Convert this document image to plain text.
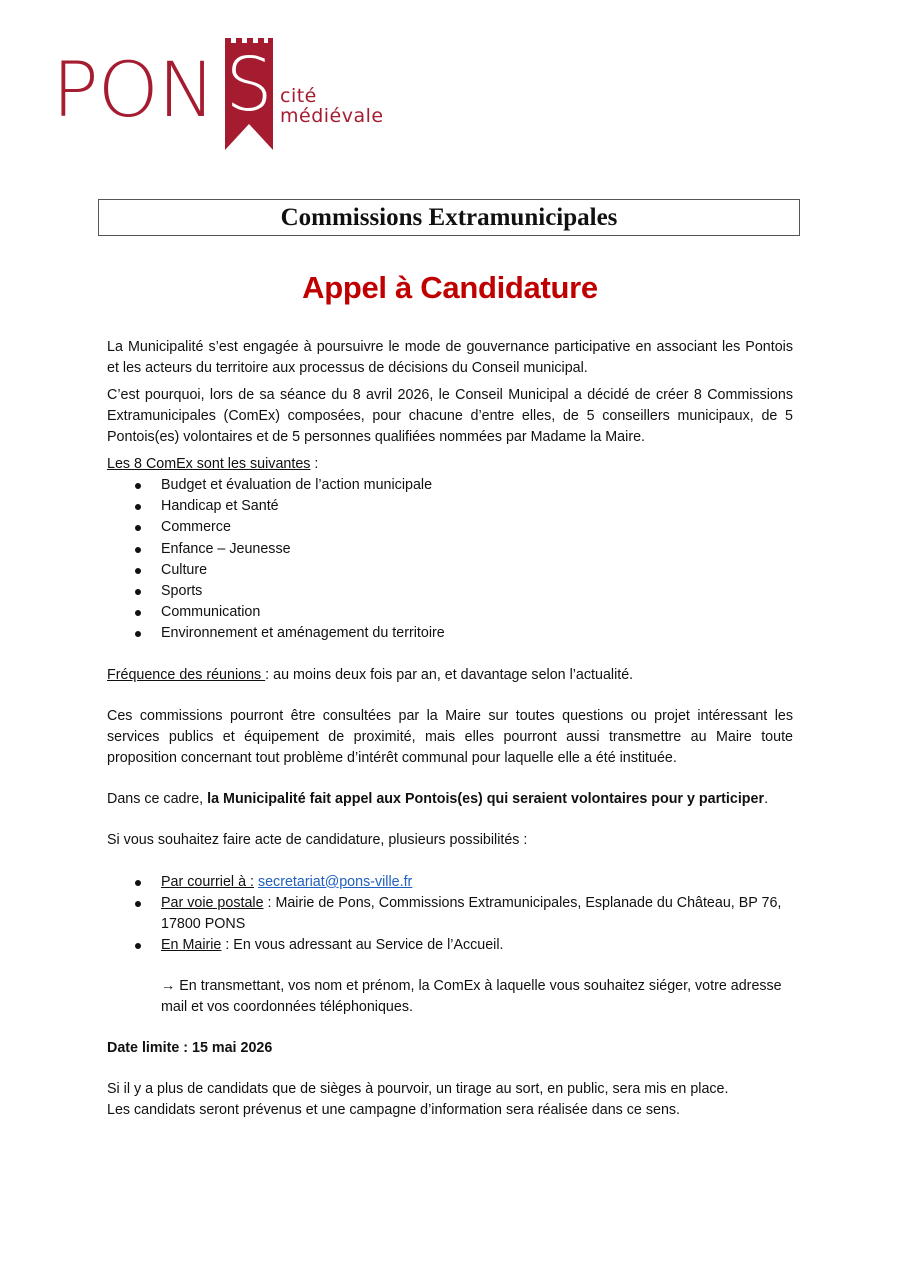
PON S cité
médiévale
Commissions Extramunicipales
Appel à Candidature

La Municipalité s’est engagée à poursuivre le mode de gouvernance participative en associant les Pontois et les acteurs du territoire aux processus de décisions du Conseil municipal.

C’est pourquoi, lors de sa séance du 8 avril 2026, le Conseil Municipal a décidé de créer 8 Commissions Extramunicipales (ComEx) composées, pour chacune d’entre elles, de 5 conseillers municipaux, de 5 Pontois(es) volontaires et de 5 personnes qualifiées nommées par Madame la Maire.

Les 8 ComEx sont les suivantes :

Budget et évaluation de l’action municipale
Handicap et Santé
Commerce
Enfance – Jeunesse
Culture
Sports
Communication
Environnement et aménagement du territoire

Fréquence des réunions : au moins deux fois par an, et davantage selon l’actualité.

Ces commissions pourront être consultées par la Maire sur toutes questions ou projet intéressant les services publics et équipement de proximité, mais elles pourront aussi transmettre au Maire toute proposition concernant tout problème d’intérêt communal pour laquelle elle a été instituée.

Dans ce cadre, la Municipalité fait appel aux Pontois(es) qui seraient volontaires pour y participer.

Si vous souhaitez faire acte de candidature, plusieurs possibilités :

Par courriel à : secretariat@pons-ville.fr
Par voie postale : Mairie de Pons, Commissions Extramunicipales, Esplanade du Château, BP 76, 17800 PONS
En Mairie : En vous adressant au Service de l’Accueil.

→ En transmettant, vos nom et prénom, la ComEx à laquelle vous souhaitez siéger, votre adresse mail et vos coordonnées téléphoniques.

Date limite : 15 mai 2026

Si il y a plus de candidats que de sièges à pourvoir, un tirage au sort, en public, sera mis en place.

Les candidats seront prévenus et une campagne d’information sera réalisée dans ce sens.
